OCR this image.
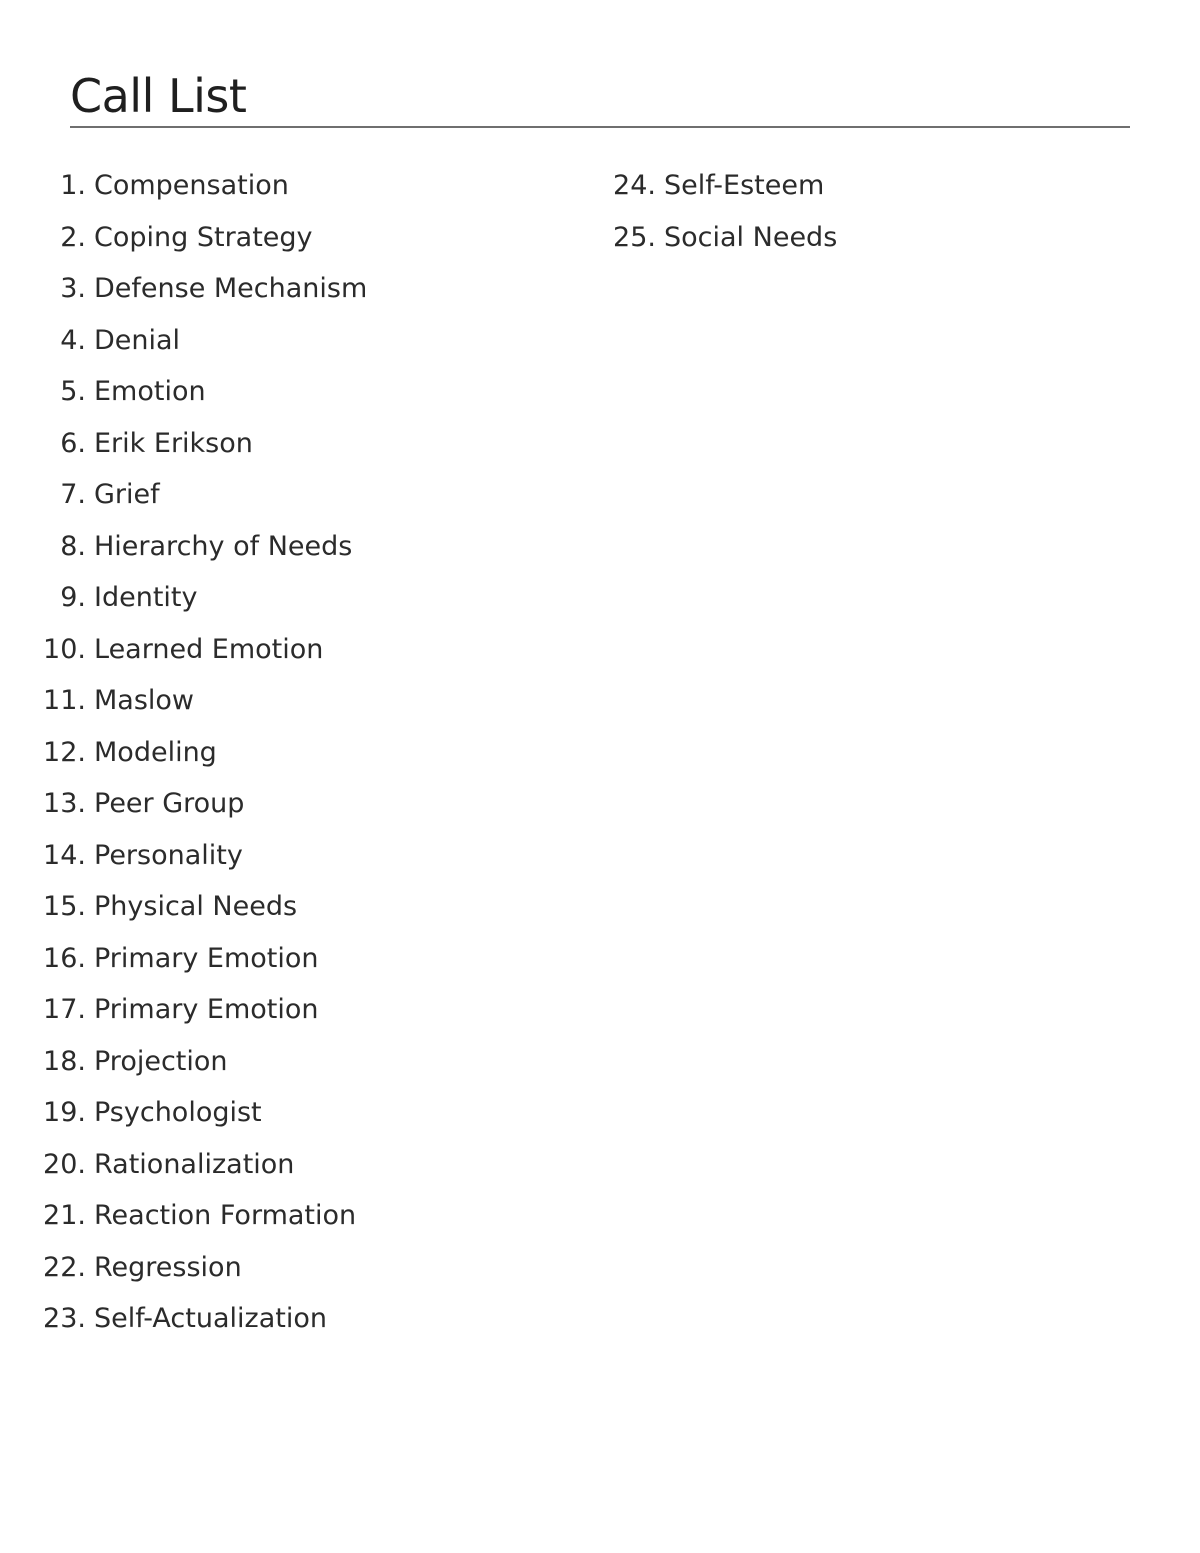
Call List
1. Compensation
2. Coping Strategy
3. Defense Mechanism
4. Denial
5. Emotion
6. Erik Erikson
7. Grief
8. Hierarchy of Needs
9. Identity
10. Learned Emotion
11. Maslow
12. Modeling
13. Peer Group
14. Personality
15. Physical Needs
16. Primary Emotion
17. Primary Emotion
18. Projection
19. Psychologist
20. Rationalization
21. Reaction Formation
22. Regression
23. Self-Actualization
24. Self-Esteem
25. Social Needs
